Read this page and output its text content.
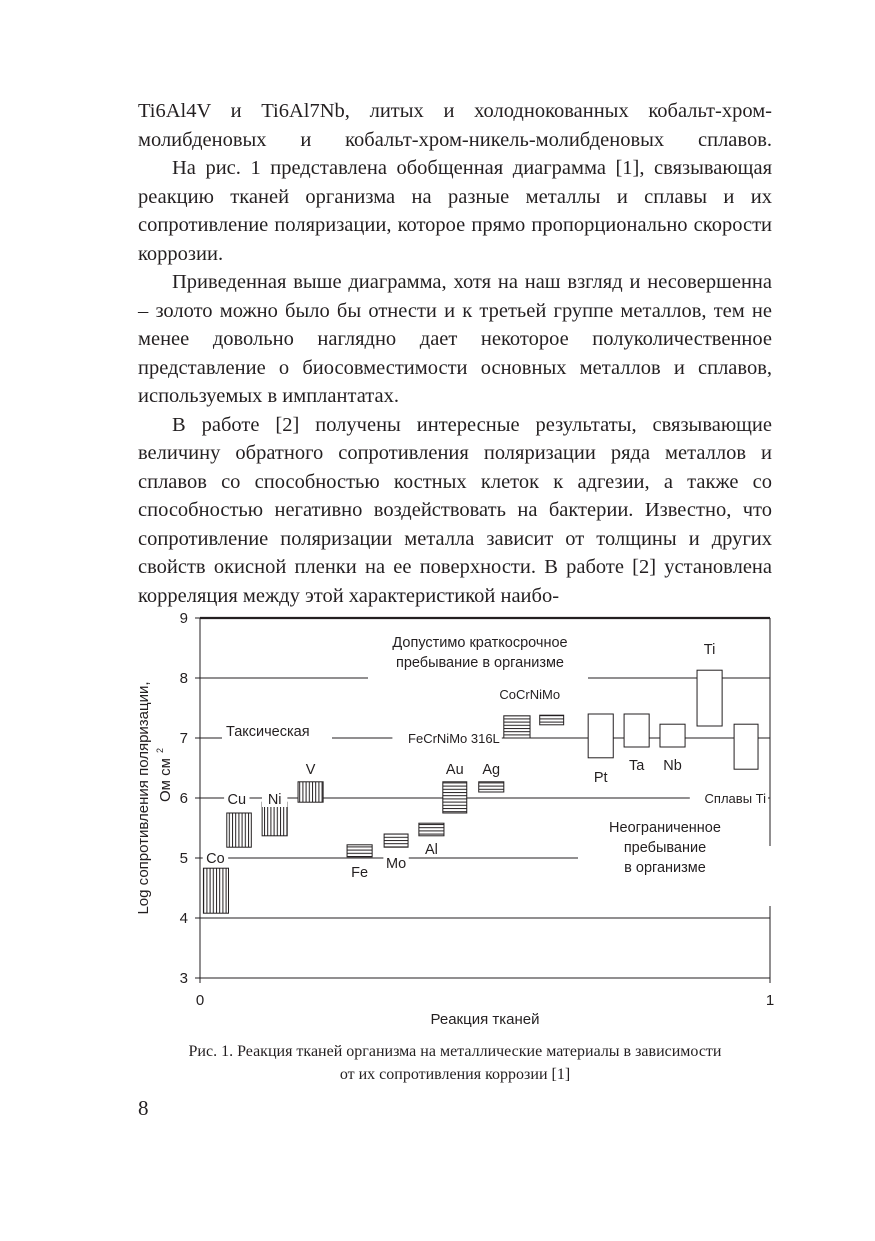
Ti6Al4V и Ti6Al7Nb, литых и холоднокованных кобальт-хром-молибденовых и кобальт-хром-никель-молибденовых сплавов.

На рис. 1 представлена обобщенная диаграмма [1], связывающая реакцию тканей организма на разные металлы и сплавы и их сопротивление поляризации, которое прямо пропорционально скорости коррозии.

Приведенная выше диаграмма, хотя на наш взгляд и несовершенна – золото можно было бы отнести и к третьей группе металлов, тем не менее довольно наглядно дает некоторое полуколичественное представление о биосовместимости основных металлов и сплавов, используемых в имплантатах.

В работе [2] получены интересные результаты, связывающие величину обратного сопротивления поляризации ряда металлов и сплавов со способностью костных клеток к адгезии, а также со способностью негативно воздействовать на бактерии. Известно, что сопротивление поляризации металла зависит от толщины и других свойств окисной пленки на ее поверхности. В работе [2] установлена корреляция между этой характеристикой наибо-

3
4
5
6
7
8
9
0	1
Реакция тканей
Log сопротивления поляризации, Ом см
2
Допустимо краткосрочное
пребывание в организме
Таксическая
Неограниченное
пребывание
в организме
Co
Cu Ni
V
Fe
Mo
Al
Au Ag
FeCrNiMo 316L
CoCrNiMo
Pt
Ta Nb
Ti
Сплавы Ti
Рис. 1. Реакция тканей организма на металлические материалы в зависимости
от их сопротивления коррозии [1]
8
